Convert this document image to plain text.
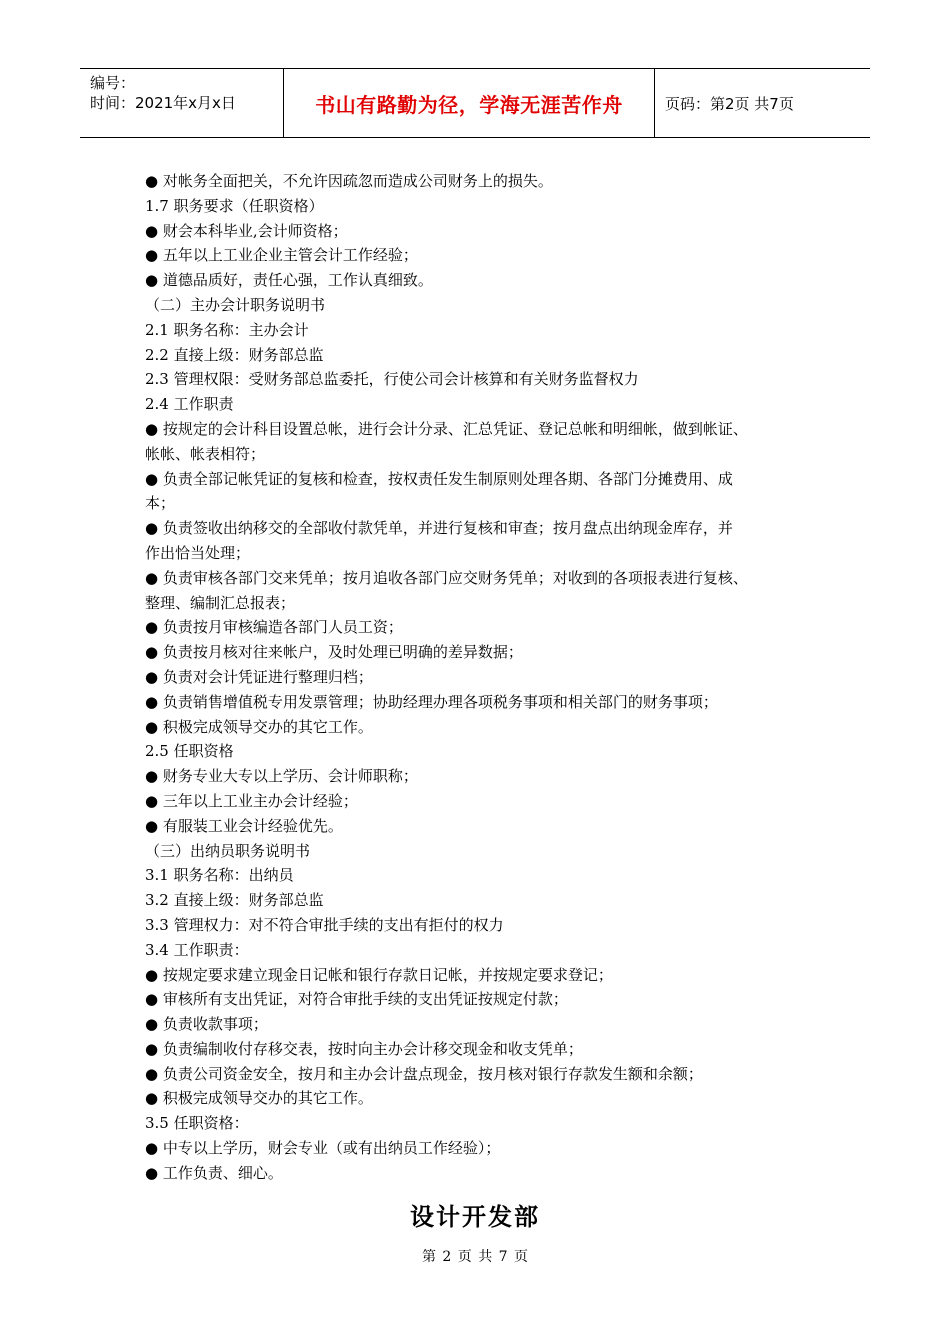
编号：
时间：2021年x月x日	书山有路勤为径，学海无涯苦作舟	页码：第2页 共7页
● 对帐务全面把关，不允许因疏忽而造成公司财务上的损失。
1.7 职务要求（任职资格）
● 财会本科毕业,会计师资格；
● 五年以上工业企业主管会计工作经验；
● 道德品质好，责任心强，工作认真细致。
（二）主办会计职务说明书
2.1 职务名称：主办会计
2.2 直接上级：财务部总监
2.3 管理权限：受财务部总监委托，行使公司会计核算和有关财务监督权力
2.4 工作职责
● 按规定的会计科目设置总帐，进行会计分录、汇总凭证、登记总帐和明细帐，做到帐证、
帐帐、帐表相符；
● 负责全部记帐凭证的复核和检查，按权责任发生制原则处理各期、各部门分摊费用、成
本；
● 负责签收出纳移交的全部收付款凭单，并进行复核和审查；按月盘点出纳现金库存，并
作出恰当处理；
● 负责审核各部门交来凭单；按月追收各部门应交财务凭单；对收到的各项报表进行复核、
整理、编制汇总报表；
● 负责按月审核编造各部门人员工资；
● 负责按月核对往来帐户，及时处理已明确的差异数据；
● 负责对会计凭证进行整理归档；
● 负责销售增值税专用发票管理；协助经理办理各项税务事项和相关部门的财务事项；
● 积极完成领导交办的其它工作。
2.5 任职资格
● 财务专业大专以上学历、会计师职称；
● 三年以上工业主办会计经验；
● 有服装工业会计经验优先。
（三）出纳员职务说明书
3.1 职务名称：出纳员
3.2 直接上级：财务部总监
3.3 管理权力：对不符合审批手续的支出有拒付的权力
3.4 工作职责：
● 按规定要求建立现金日记帐和银行存款日记帐，并按规定要求登记；
● 审核所有支出凭证，对符合审批手续的支出凭证按规定付款；
● 负责收款事项；
● 负责编制收付存移交表，按时向主办会计移交现金和收支凭单；
● 负责公司资金安全，按月和主办会计盘点现金，按月核对银行存款发生额和余额；
● 积极完成领导交办的其它工作。
3.5 任职资格：
● 中专以上学历，财会专业（或有出纳员工作经验）；
● 工作负责、细心。
设计开发部
第 2 页 共 7 页
